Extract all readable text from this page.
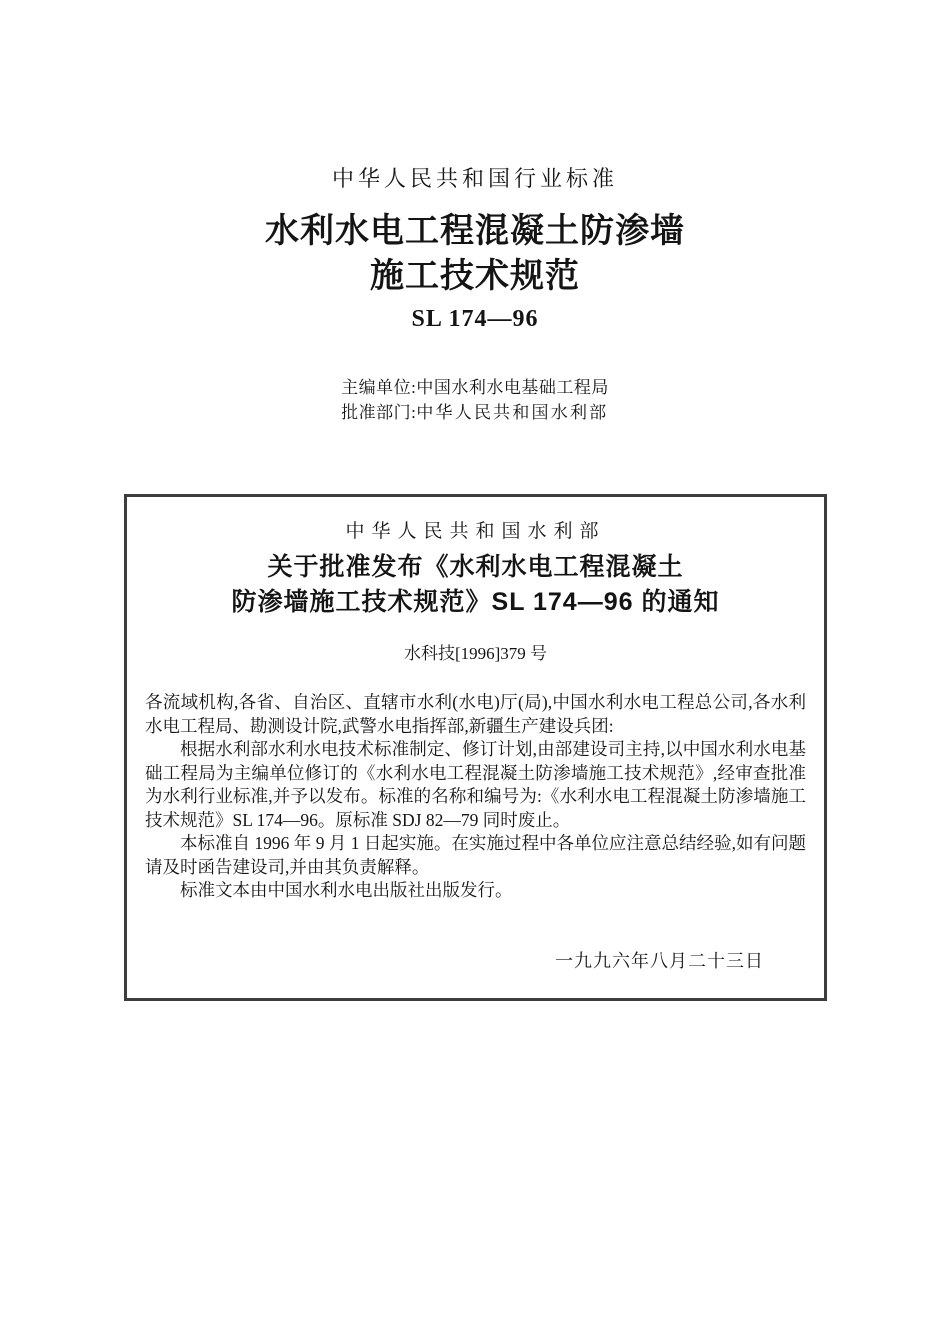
中华人民共和国行业标准
水利水电工程混凝土防渗墙
施工技术规范
SL 174—96
主编单位:中国水利水电基础工程局
批准部门:中华人民共和国水利部
中华人民共和国水利部
关于批准发布《水利水电工程混凝土
防渗墙施工技术规范》SL 174—96 的通知
水科技[1996]379 号

各流域机构,各省、自治区、直辖市水利(水电)厅(局),中国水利水电工程总公司,各水利水电工程局、勘测设计院,武警水电指挥部,新疆生产建设兵团:

根据水利部水利水电技术标准制定、修订计划,由部建设司主持,以中国水利水电基础工程局为主编单位修订的《水利水电工程混凝土防渗墙施工技术规范》,经审查批准为水利行业标准,并予以发布。标准的名称和编号为:《水利水电工程混凝土防渗墙施工技术规范》SL 174—96。原标准 SDJ 82—79 同时废止。

本标准自 1996 年 9 月 1 日起实施。在实施过程中各单位应注意总结经验,如有问题请及时函告建设司,并由其负责解释。

标准文本由中国水利水电出版社出版发行。

一九九六年八月二十三日
